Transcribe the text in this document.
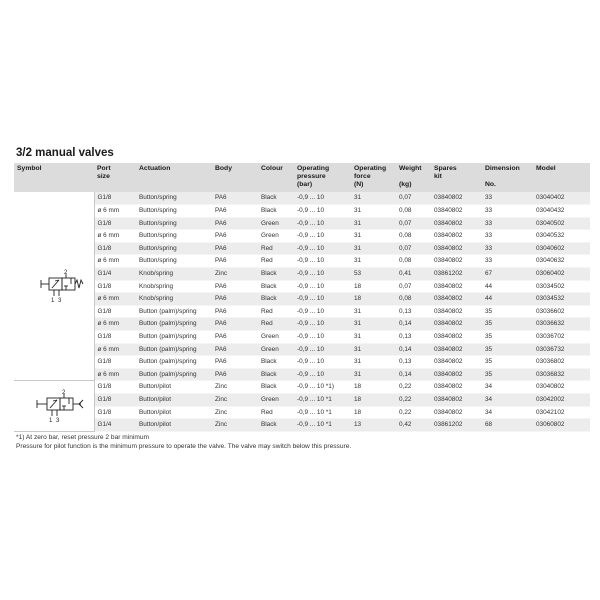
3/2 manual valves
Symbol	Port
size	Actuation	Body	Colour	Operating
pressure
(bar)	Operating
force
(N)	Weight

(kg)	Spares
kit	Dimension

No.	Model

2
1 3	G1/8	Button/spring	PA6	Black	-0,9 ... 10	31	0,07	03840802	33	03040402
	ø 6 mm	Button/spring	PA6	Black	-0,9 ... 10	31	0,08	03840802	33	03040432
	G1/8	Button/spring	PA6	Green	-0,9 ... 10	31	0,07	03840802	33	03040502
	ø 6 mm	Button/spring	PA6	Green	-0,9 ... 10	31	0,08	03840802	33	03040532
	G1/8	Button/spring	PA6	Red	-0,9 ... 10	31	0,07	03840802	33	03040602
	ø 6 mm	Button/spring	PA6	Red	-0,9 ... 10	31	0,08	03840802	33	03040632
	G1/4	Knob/spring	Zinc	Black	-0,9 ... 10	53	0,41	03861202	67	03060402
	G1/8	Knob/spring	PA6	Black	-0,9 ... 10	18	0,07	03840802	44	03034502
	ø 6 mm	Knob/spring	PA6	Black	-0,9 ... 10	18	0,08	03840802	44	03034532
	G1/8	Button (palm)/spring	PA6	Red	-0,9 ... 10	31	0,13	03840802	35	03036602
	ø 6 mm	Button (palm)/spring	PA6	Red	-0,9 ... 10	31	0,14	03840802	35	03036632
	G1/8	Button (palm)/spring	PA6	Green	-0,9 ... 10	31	0,13	03840802	35	03036702
	ø 6 mm	Button (palm)/spring	PA6	Green	-0,9 ... 10	31	0,14	03840802	35	03036732
	G1/8	Button (palm)/spring	PA6	Black	-0,9 ... 10	31	0,13	03840802	35	03036802
	ø 6 mm	Button (palm)/spring	PA6	Black	-0,9 ... 10	31	0,14	03840802	35	03036832

2
1 3	G1/8	Button/pilot	Zinc	Black	-0,9 ... 10 *1)	18	0,22	03840802	34	03040802
	G1/8	Button/pilot	Zinc	Green	-0,9 ... 10 *1	18	0,22	03840802	34	03042002
	G1/8	Button/pilot	Zinc	Red	-0,9 ... 10 *1	18	0,22	03840802	34	03042102
	G1/4	Button/pilot	Zinc	Black	-0,9 ... 10 *1	13	0,42	03861202	68	03060802
*1) At zero bar, reset pressure 2 bar minimum
Pressure for pilot function is the minimum pressure to operate the valve. The valve may switch below this pressure.
